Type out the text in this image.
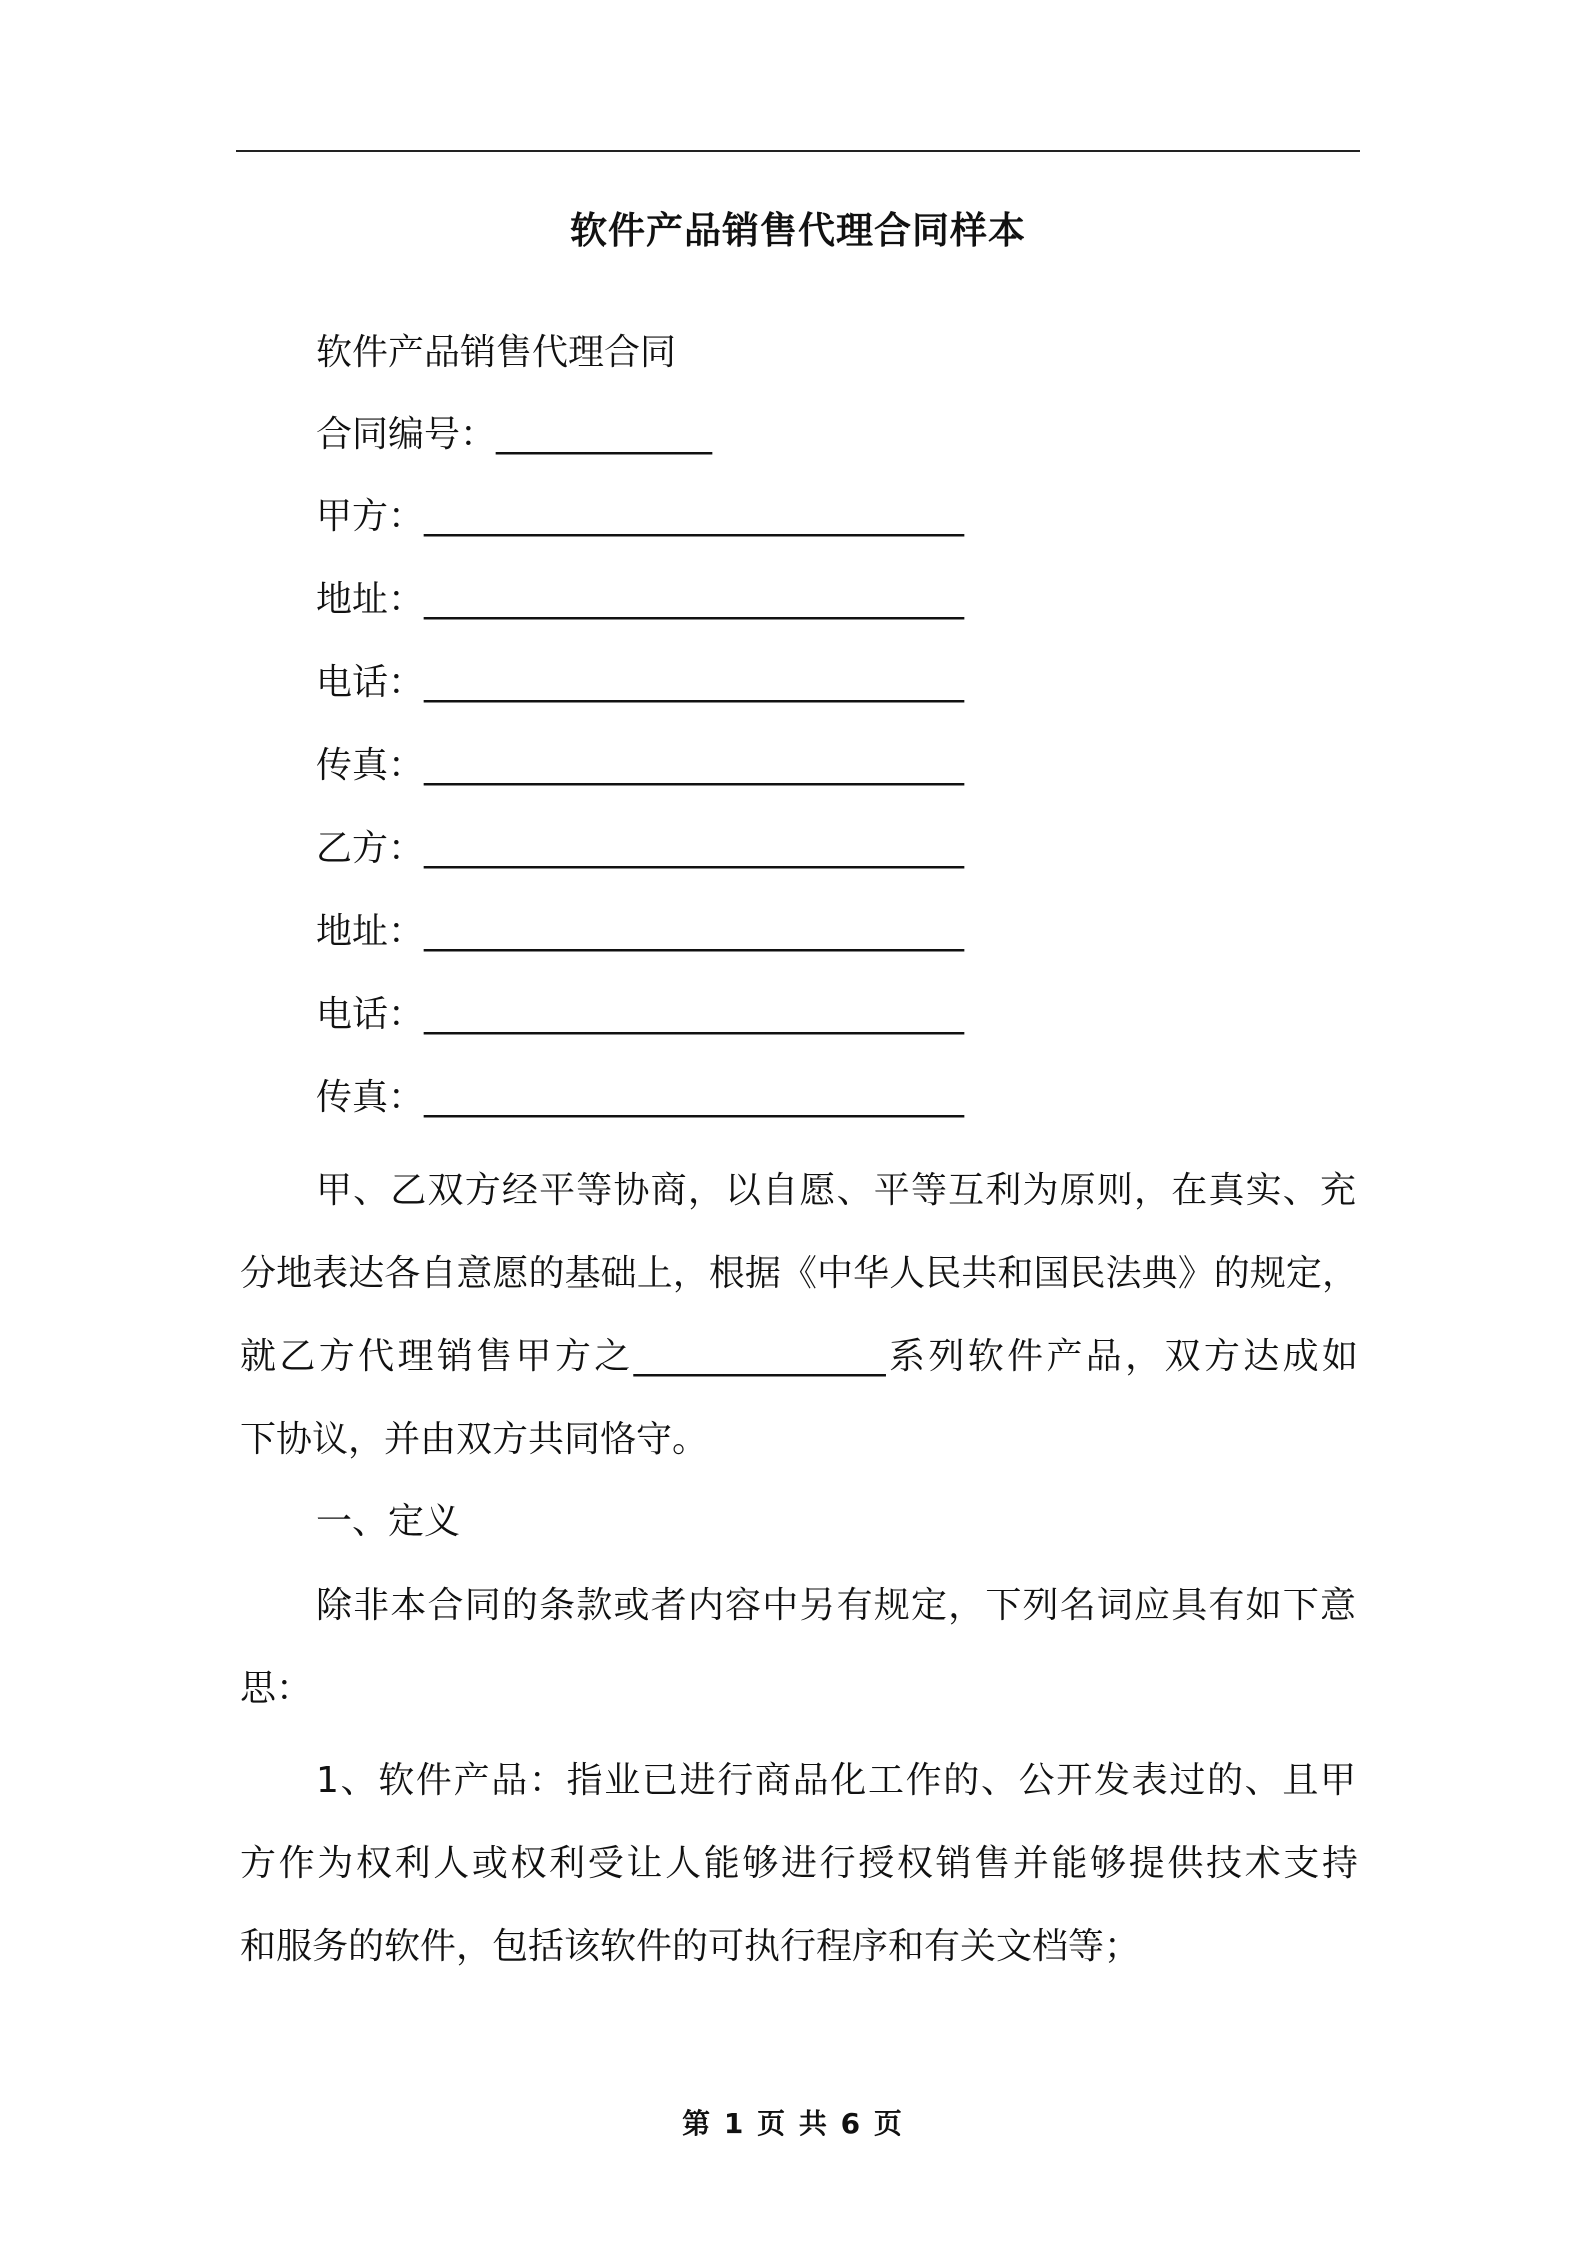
软件产品销售代理合同样本
软件产品销售代理合同
合同编号：____________
甲方：______________________________
地址：______________________________
电话：______________________________
传真：______________________________
乙方：______________________________
地址：______________________________
电话：______________________________
传真：______________________________
甲、乙双方经平等协商，以自愿、平等互利为原则，在真实、充
分地表达各自意愿的基础上，根据《中华人民共和国民法典》的规定，
就乙方代理销售甲方之______________系列软件产品，双方达成如
下协议，并由双方共同恪守。
一、定义
除非本合同的条款或者内容中另有规定，下列名词应具有如下意
思：
1、软件产品：指业已进行商品化工作的、公开发表过的、且甲
方作为权利人或权利受让人能够进行授权销售并能够提供技术支持
和服务的软件，包括该软件的可执行程序和有关文档等；
第 1 页 共 6 页
